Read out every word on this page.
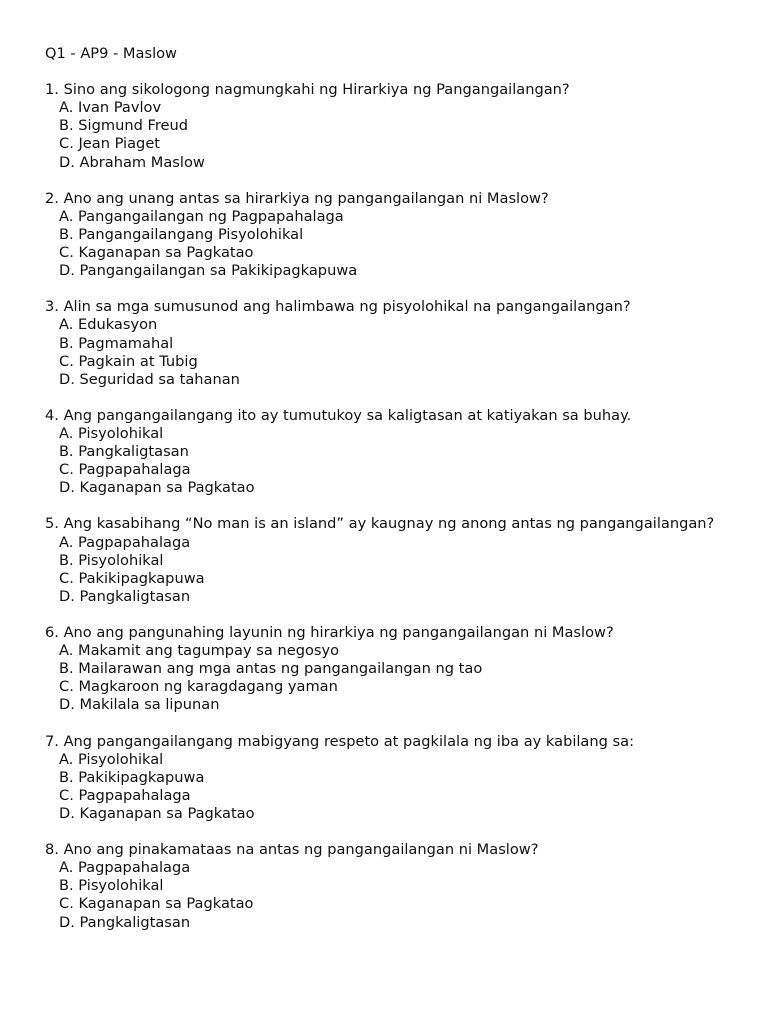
Q1 - AP9 - Maslow

1. Sino ang sikologong nagmungkahi ng Hirarkiya ng Pangangailangan?

A. Ivan Pavlov
B. Sigmund Freud
C. Jean Piaget
D. Abraham Maslow

2. Ano ang unang antas sa hirarkiya ng pangangailangan ni Maslow?

A. Pangangailangan ng Pagpapahalaga
B. Pangangailangang Pisyolohikal
C. Kaganapan sa Pagkatao
D. Pangangailangan sa Pakikipagkapuwa

3. Alin sa mga sumusunod ang halimbawa ng pisyolohikal na pangangailangan?

A. Edukasyon
B. Pagmamahal
C. Pagkain at Tubig
D. Seguridad sa tahanan

4. Ang pangangailangang ito ay tumutukoy sa kaligtasan at katiyakan sa buhay.

A. Pisyolohikal
B. Pangkaligtasan
C. Pagpapahalaga
D. Kaganapan sa Pagkatao

5. Ang kasabihang “No man is an island” ay kaugnay ng anong antas ng pangangailangan?

A. Pagpapahalaga
B. Pisyolohikal
C. Pakikipagkapuwa
D. Pangkaligtasan

6. Ano ang pangunahing layunin ng hirarkiya ng pangangailangan ni Maslow?

A. Makamit ang tagumpay sa negosyo
B. Mailarawan ang mga antas ng pangangailangan ng tao
C. Magkaroon ng karagdagang yaman
D. Makilala sa lipunan

7. Ang pangangailangang mabigyang respeto at pagkilala ng iba ay kabilang sa:

A. Pisyolohikal
B. Pakikipagkapuwa
C. Pagpapahalaga
D. Kaganapan sa Pagkatao

8. Ano ang pinakamataas na antas ng pangangailangan ni Maslow?

A. Pagpapahalaga
B. Pisyolohikal
C. Kaganapan sa Pagkatao
D. Pangkaligtasan
